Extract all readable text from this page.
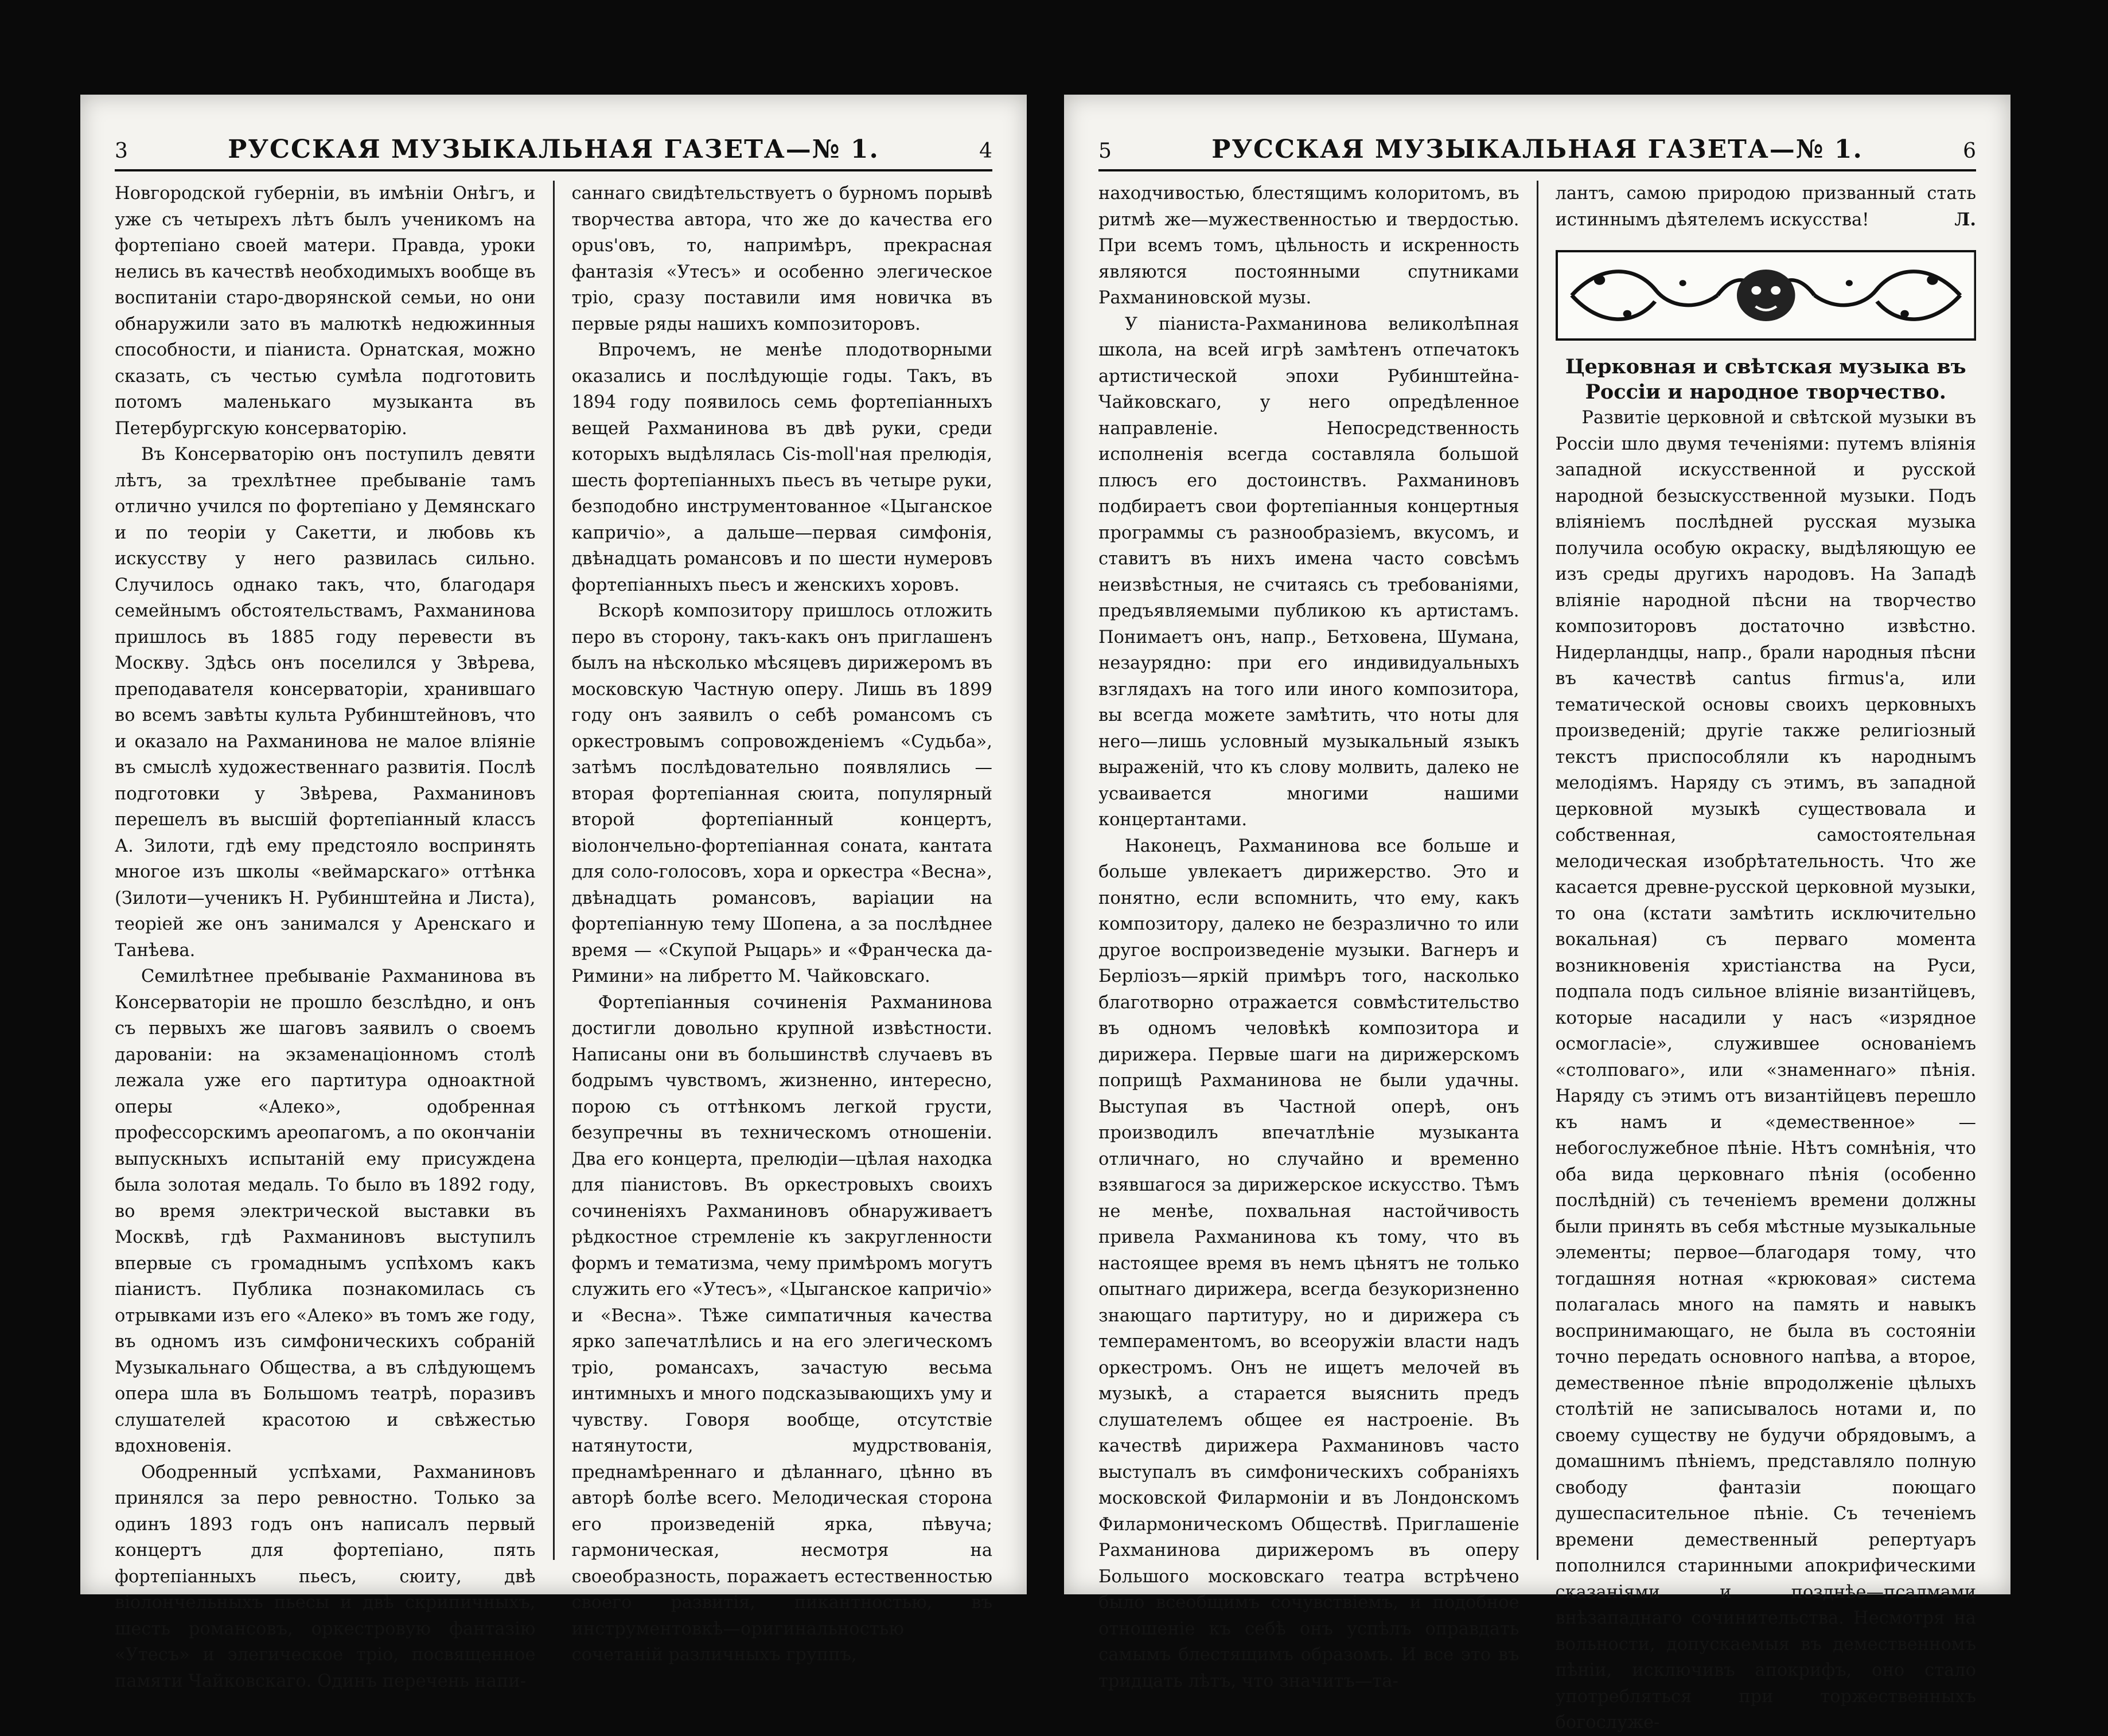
3	РУССКАЯ МУЗЫКАЛЬНАЯ ГАЗЕТА—№ 1.	4

Новгородской губерніи, въ имѣніи Онѣгъ, и уже съ четырехъ лѣтъ былъ ученикомъ на фортепіано своей матери. Правда, уроки нелись въ качествѣ необходимыхъ вообще въ воспитаніи старо-дворянской семьи, но они обнаружили зато въ малюткѣ недюжинныя способности, и піаниста. Орнатская, можно сказать, съ честью сумѣла подготовить потомъ маленькаго музыканта въ Петербургскую консерваторію.

Въ Консерваторію онъ поступилъ девяти лѣтъ, за трехлѣтнее пребываніе тамъ отлично учился по фортепіано у Демянскаго и по теоріи у Сакетти, и любовь къ искусству у него развилась сильно. Случилось однако такъ, что, благодаря семейнымъ обстоятельствамъ, Рахманинова пришлось въ 1885 году перевести въ Москву. Здѣсь онъ поселился у Звѣрева, преподавателя консерваторіи, хранившаго во всемъ завѣты культа Рубинштейновъ, что и оказало на Рахманинова не малое вліяніе въ смыслѣ художественнаго развитія. Послѣ подготовки у Звѣрева, Рахманиновъ перешелъ въ высшій фортепіанный классъ А. Зилоти, гдѣ ему предстояло воспринять многое изъ школы «веймарскаго» оттѣнка (Зилоти—ученикъ Н. Рубинштейна и Листа), теоріей же онъ занимался у Аренскаго и Танѣева.

Семилѣтнее пребываніе Рахманинова въ Консерваторіи не прошло безслѣдно, и онъ съ первыхъ же шаговъ заявилъ о своемъ дарованіи: на экзаменаціонномъ столѣ лежала уже его партитура одноактной оперы «Алеко», одобренная профессорскимъ ареопагомъ, а по окончаніи выпускныхъ испытаній ему присуждена была золотая медаль. То было въ 1892 году, во время электрической выставки въ Москвѣ, гдѣ Рахманиновъ выступилъ впервые съ громаднымъ успѣхомъ какъ піанистъ. Публика познакомилась съ отрывками изъ его «Алеко» въ томъ же году, въ одномъ изъ симфоническихъ собраній Музыкальнаго Общества, а въ слѣдующемъ опера шла въ Большомъ театрѣ, поразивъ слушателей красотою и свѣжестью вдохновенія.

Ободренный успѣхами, Рахманиновъ принялся за перо ревностно. Только за одинъ 1893 годъ онъ написалъ первый концертъ для фортепіано, пять фортепіанныхъ пьесъ, сюиту, двѣ віолончельныхъ пьесы и двѣ скрипичныхъ, шесть романсовъ, оркестровую фантазію «Утесъ» и элегическое тріо, посвященное памяти Чайковскаго. Одинъ перечень напи-

саннаго свидѣтельствуетъ о бурномъ порывѣ творчества автора, что же до качества его opus'овъ, то, напримѣръ, прекрасная фантазія «Утесъ» и особенно элегическое тріо, сразу поставили имя новичка въ первые ряды нашихъ композиторовъ.

Впрочемъ, не менѣе плодотворными оказались и послѣдующіе годы. Такъ, въ 1894 году появилось семь фортепіанныхъ вещей Рахманинова въ двѣ руки, среди которыхъ выдѣлялась Cis-moll'ная прелюдія, шесть фортепіанныхъ пьесъ въ четыре руки, безподобно инструментованное «Цыганское капричіо», а дальше—первая симфонія, двѣнадцать романсовъ и по шести нумеровъ фортепіанныхъ пьесъ и женскихъ хоровъ.

Вскорѣ композитору пришлось отложить перо въ сторону, такъ-какъ онъ приглашенъ былъ на нѣсколько мѣсяцевъ дирижеромъ въ московскую Частную оперу. Лишь въ 1899 году онъ заявилъ о себѣ романсомъ съ оркестровымъ сопровожденіемъ «Судьба», затѣмъ послѣдовательно появлялись — вторая фортепіанная сюита, популярный второй фортепіанный концертъ, віолончельно-фортепіанная соната, кантата для соло-голосовъ, хора и оркестра «Весна», двѣнадцать романсовъ, варіации на фортепіанную тему Шопена, а за послѣднее время — «Скупой Рыцарь» и «Франческа да-Римини» на либретто М. Чайковскаго.

Фортепіанныя сочиненія Рахманинова достигли довольно крупной извѣстности. Написаны они въ большинствѣ случаевъ въ бодрымъ чувствомъ, жизненно, интересно, порою съ оттѣнкомъ легкой грусти, безупречны въ техническомъ отношеніи. Два его концерта, прелюдіи—цѣлая находка для піанистовъ. Въ оркестровыхъ своихъ сочиненіяхъ Рахманиновъ обнаруживаетъ рѣдкостное стремленіе къ закругленности формъ и тематизма, чему примѣромъ могутъ служить его «Утесъ», «Цыганское капричіо» и «Весна». Тѣже симпатичныя качества ярко запечатлѣлись и на его элегическомъ тріо, романсахъ, зачастую весьма интимныхъ и много подсказывающихъ уму и чувству. Говоря вообще, отсутствіе натянутости, мудрствованія, преднамѣреннаго и дѣланнаго, цѣнно въ авторѣ болѣе всего. Мелодическая сторона его произведеній ярка, пѣвуча; гармоническая, несмотря на своеобразность, поражаетъ естественностью своего развитія, пикантностью, въ инструментовкѣ—оригинальностью сочетаній различныхъ группъ,

5	РУССКАЯ МУЗЫКАЛЬНАЯ ГАЗЕТА—№ 1.	6

находчивостью, блестящимъ колоритомъ, въ ритмѣ же—мужественностью и твердостью. При всемъ томъ, цѣльность и искренность являются постоянными спутниками Рахманиновской музы.

У піаниста-Рахманинова великолѣпная школа, на всей игрѣ замѣтенъ отпечатокъ артистической эпохи Рубинштейна-Чайковскаго, у него опредѣленное направленіе. Непосредственность исполненія всегда составляла большой плюсъ его достоинствъ. Рахманиновъ подбираетъ свои фортепіанныя концертныя программы съ разнообразіемъ, вкусомъ, и ставитъ въ нихъ имена часто совсѣмъ неизвѣстныя, не считаясь съ требованіями, предъявляемыми публикою къ артистамъ. Понимаетъ онъ, напр., Бетховена, Шумана, незаурядно: при его индивидуальныхъ взглядахъ на того или иного композитора, вы всегда можете замѣтить, что ноты для него—лишь условный музыкальный языкъ выраженій, что къ слову молвить, далеко не усваивается многими нашими концертантами.

Наконецъ, Рахманинова все больше и больше увлекаетъ дирижерство. Это и понятно, если вспомнить, что ему, какъ композитору, далеко не безразлично то или другое воспроизведеніе музыки. Вагнеръ и Берліозъ—яркій примѣръ того, насколько благотворно отражается совмѣстительство въ одномъ человѣкѣ композитора и дирижера. Первые шаги на дирижерскомъ поприщѣ Рахманинова не были удачны. Выступая въ Частной оперѣ, онъ производилъ впечатлѣніе музыканта отличнаго, но случайно и временно взявшагося за дирижерское искусство. Тѣмъ не менѣе, похвальная настойчивость привела Рахманинова къ тому, что въ настоящее время въ немъ цѣнятъ не только опытнаго дирижера, всегда безукоризненно знающаго партитуру, но и дирижера съ темпераментомъ, во всеоружіи власти надъ оркестромъ. Онъ не ищетъ мелочей въ музыкѣ, а старается выяснить предъ слушателемъ общее ея настроеніе. Въ качествѣ дирижера Рахманиновъ часто выступалъ въ симфоническихъ собраніяхъ московской Филармоніи и въ Лондонскомъ Филармоническомъ Обществѣ. Приглашеніе Рахманинова дирижеромъ въ оперу Большого московскаго театра встрѣчено было всеобщимъ сочувствіемъ, и подобное отношеніе къ себѣ онъ успѣлъ оправдать самымъ блестящимъ образомъ. И все это въ тридцать лѣтъ, что значитъ—та-

лантъ, самою природою призванный стать истиннымъ дѣятелемъ искусства!	Л.

Церковная и свѣтская музыка въ Россіи и народное творчество.

Развитіе церковной и свѣтской музыки въ Россіи шло двумя теченіями: путемъ вліянія западной искусственной и русской народной безыскусственной музыки. Подъ вліяніемъ послѣдней русская музыка получила особую окраску, выдѣляющую ее изъ среды другихъ народовъ. На Западѣ вліяніе народной пѣсни на творчество композиторовъ достаточно извѣстно. Нидерландцы, напр., брали народныя пѣсни въ качествѣ cantus firmus'а, или тематической основы своихъ церковныхъ произведеній; другіе также религіозный текстъ приспособляли къ народнымъ мелодіямъ. Наряду съ этимъ, въ западной церковной музыкѣ существовала и собственная, самостоятельная мелодическая изобрѣтательность. Что же касается древне-русской церковной музыки, то она (кстати замѣтить исключительно вокальная) съ перваго момента возникновенія христіанства на Руси, подпала подъ сильное вліяніе византійцевъ, которые насадили у насъ «изрядное осмогласіе», служившее основаніемъ «столповаго», или «знаменнаго» пѣнія. Наряду съ этимъ отъ византійцевъ перешло къ намъ и «демественное» — небогослужебное пѣніе. Нѣтъ сомнѣнія, что оба вида церковнаго пѣнія (особенно послѣдній) съ теченіемъ времени должны были принять въ себя мѣстные музыкальные элементы; первое—благодаря тому, что тогдашняя нотная «крюковая» система полагалась много на память и навыкъ воспринимающаго, не была въ состояніи точно передать основного напѣва, а второе, демественное пѣніе впродолженіе цѣлыхъ столѣтій не записывалось нотами и, по своему существу не будучи обрядовымъ, а домашнимъ пѣніемъ, представляло полную свободу фантазіи поющаго душеспасительное пѣніе. Съ теченіемъ времени демественный репертуаръ пополнился старинными апокрифическими сказаніями и позднѣе—псалмами внѣзападнаго сочинительства. Несмотря на вольности, допускаемыя въ демественномъ пѣніи, исключивъ апокрифъ, оно стало употребляться при торжественныхъ богослуже-
